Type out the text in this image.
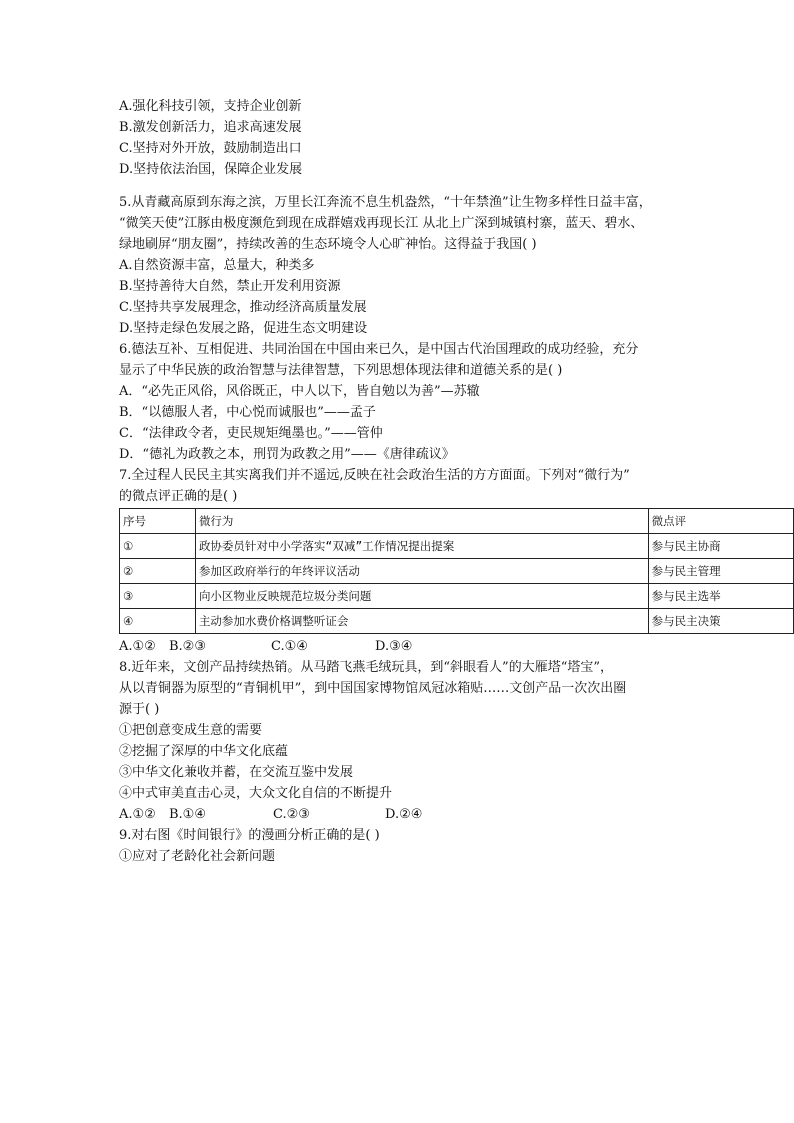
A.强化科技引领，支持企业创新
B.激发创新活力，追求高速发展
C.坚持对外开放，鼓励制造出口
D.坚持依法治国，保障企业发展
5.从青藏高原到东海之滨，万里长江奔流不息生机盎然，“十年禁渔”让生物多样性日益丰富，
“微笑天使”江豚由极度濒危到现在成群嬉戏再现长江 从北上广深到城镇村寨，蓝天、碧水、
绿地刷屏“朋友圈”，持续改善的生态环境令人心旷神怡。这得益于我国( )
A.自然资源丰富，总量大，种类多
B.坚持善待大自然，禁止开发利用资源
C.坚持共享发展理念，推动经济高质量发展
D.坚持走绿色发展之路，促进生态文明建设
6.德法互补、互相促进、共同治国在中国由来已久，是中国古代治国理政的成功经验，充分
显示了中华民族的政治智慧与法律智慧，下列思想体现法律和道德关系的是( )
A．“必先正风俗，风俗既正，中人以下，皆自勉以为善”—苏辙
B．“以德服人者，中心悦而诚服也”——孟子
C．“法律政令者，吏民规矩绳墨也。”——管仲
D．“德礼为政教之本，刑罚为政教之用”——《唐律疏议》
7.全过程人民民主其实离我们并不遥远,反映在社会政治生活的方方面面。下列对“微行为”
的微点评正确的是( )
序号	微行为	微点评
①	政协委员针对中小学落实“双减”工作情况提出提案	参与民主协商
②	参加区政府举行的年终评议活动	参与民主管理
③	向小区物业反映规范垃圾分类问题	参与民主选举
④	主动参加水费价格调整听证会	参与民主决策
A.①② B.②③	C.①④	D.③④
8.近年来，文创产品持续热销。从马踏飞燕毛绒玩具，到“斜眼看人”的大雁塔“塔宝”，
从以青铜器为原型的“青铜机甲”，到中国国家博物馆凤冠冰箱贴……文创产品一次次出圈
源于( )
①把创意变成生意的需要
②挖掘了深厚的中华文化底蕴
③中华文化兼收并蓄，在交流互鉴中发展
④中式审美直击心灵，大众文化自信的不断提升
A.①② B.①④	C.②③	D.②④
9.对右图《时间银行》的漫画分析正确的是( )
①应对了老龄化社会新问题
